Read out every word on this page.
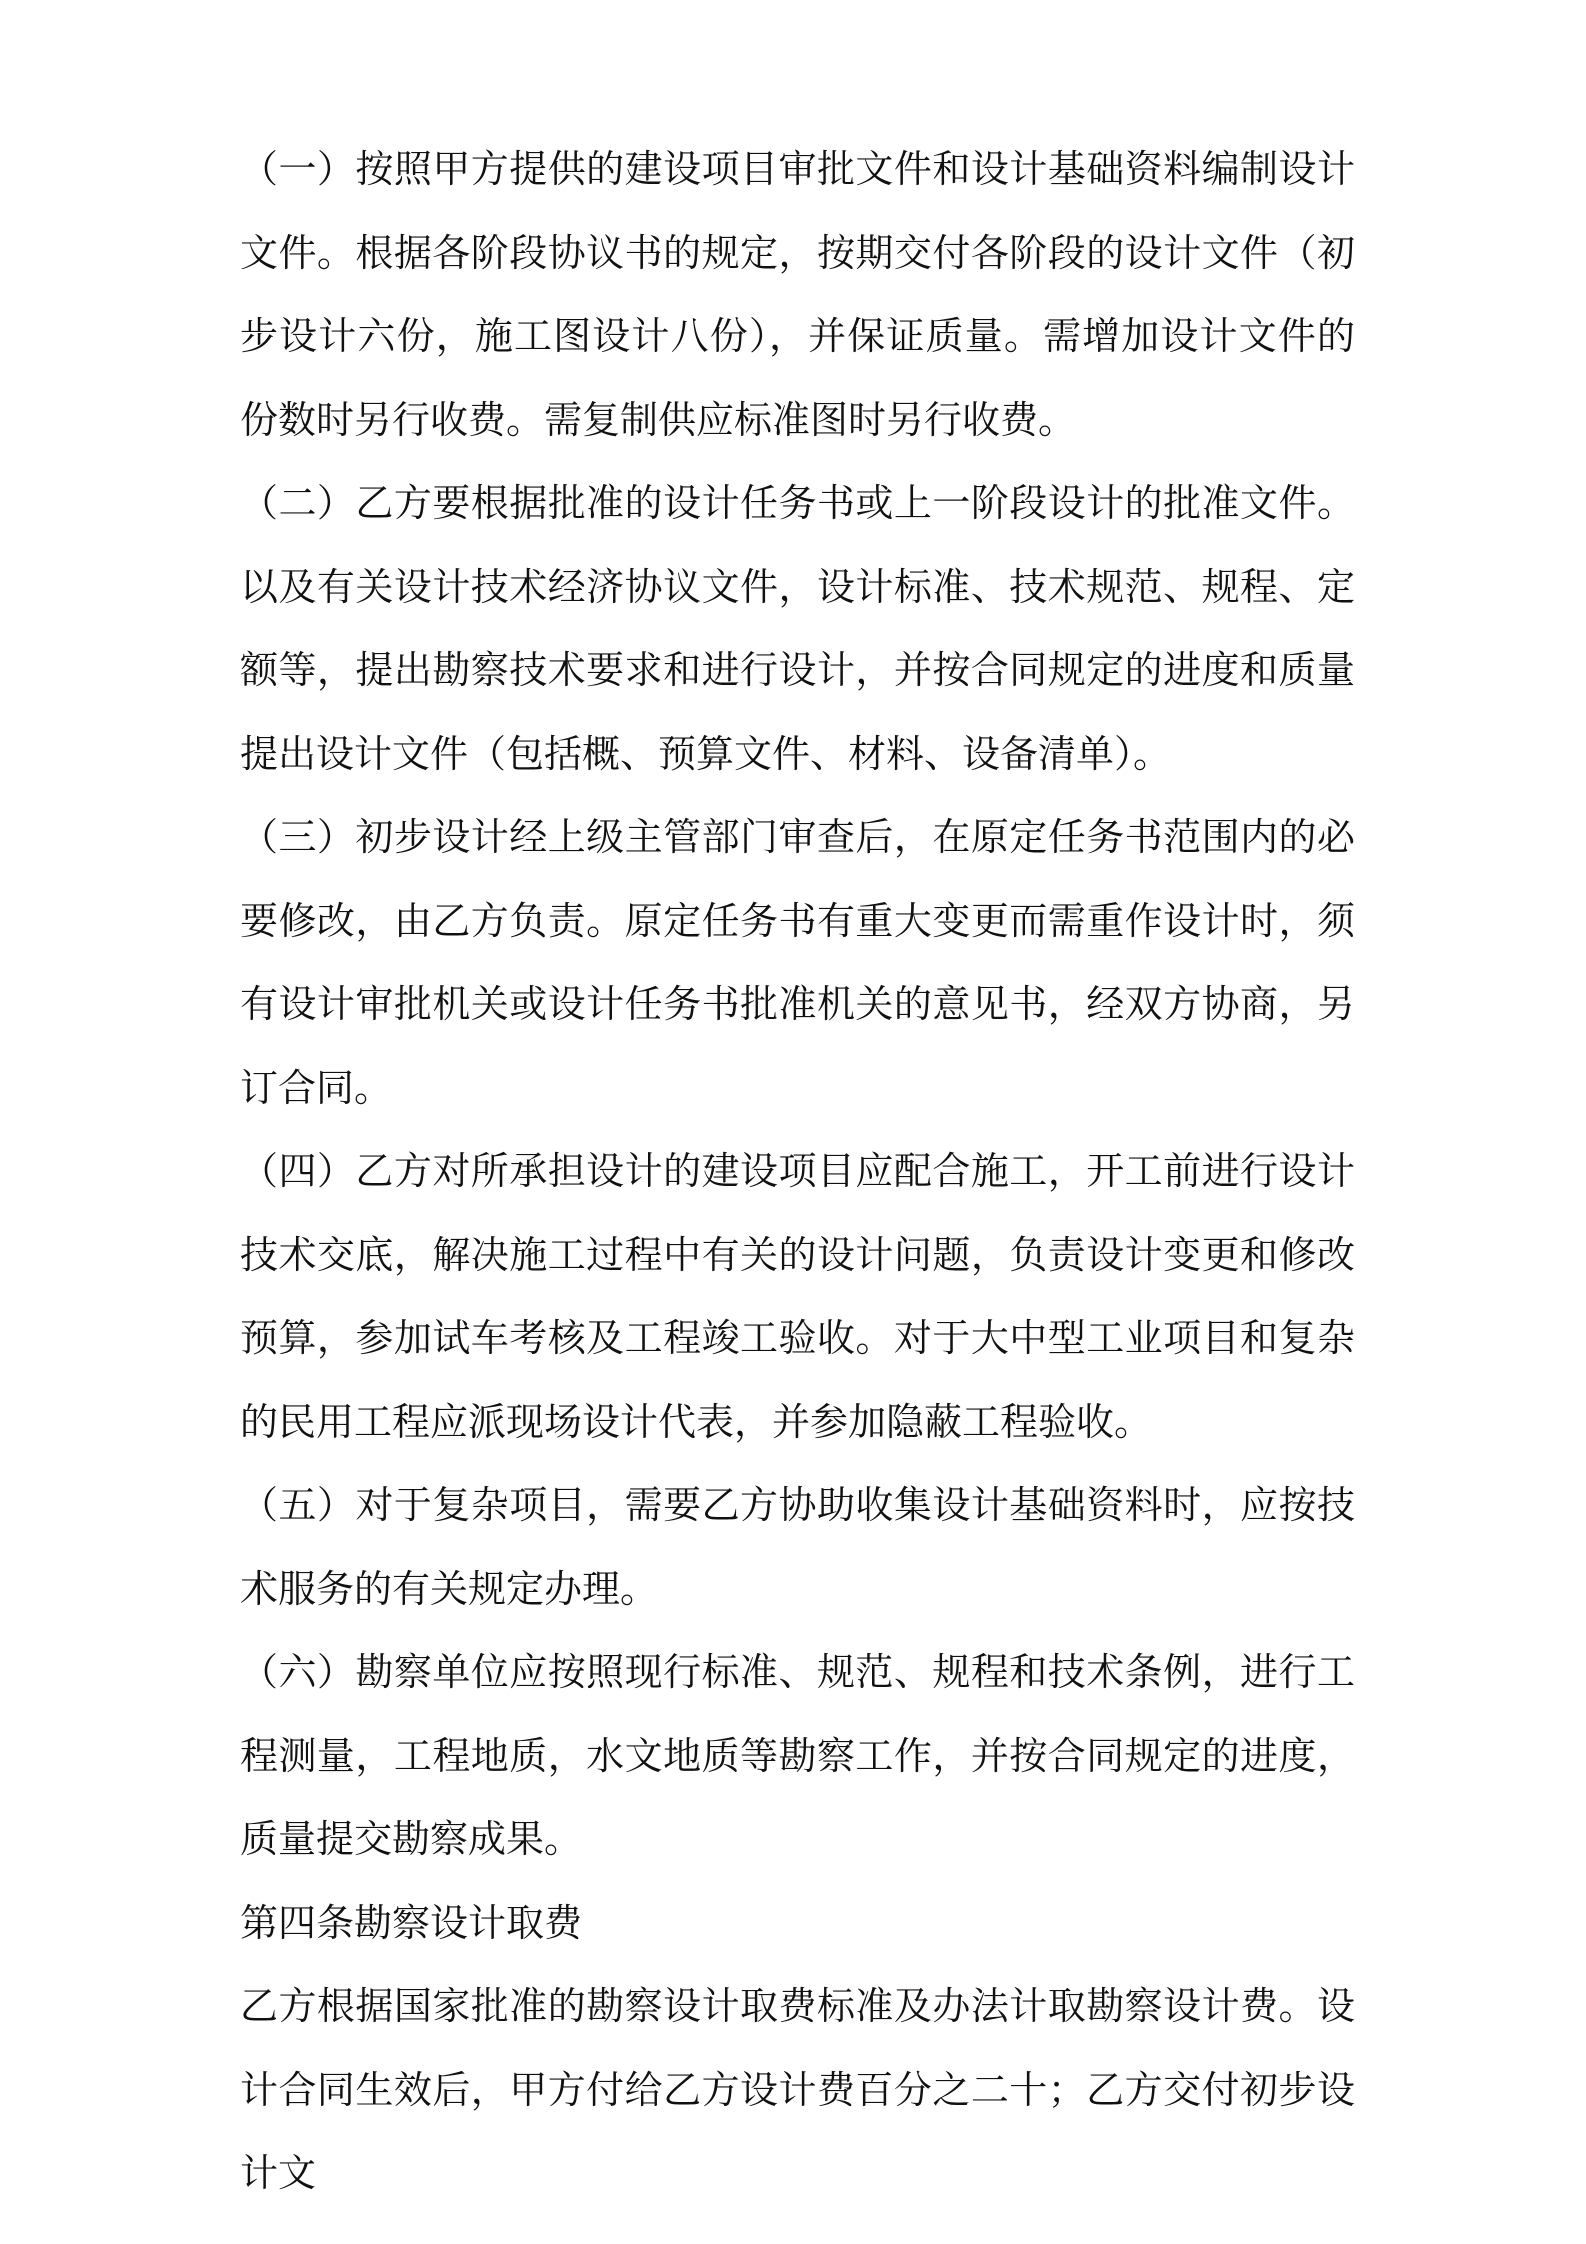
（一）按照甲方提供的建设项目审批文件和设计基础资料编制设计文件。根据各阶段协议书的规定，按期交付各阶段的设计文件（初步设计六份，施工图设计八份），并保证质量。需增加设计文件的份数时另行收费。需复制供应标准图时另行收费。

（二）乙方要根据批准的设计任务书或上一阶段设计的批准文件。以及有关设计技术经济协议文件，设计标准、技术规范、规程、定额等，提出勘察技术要求和进行设计，并按合同规定的进度和质量提出设计文件（包括概、预算文件、材料、设备清单）。

（三）初步设计经上级主管部门审查后，在原定任务书范围内的必要修改，由乙方负责。原定任务书有重大变更而需重作设计时，须有设计审批机关或设计任务书批准机关的意见书，经双方协商，另订合同。

（四）乙方对所承担设计的建设项目应配合施工，开工前进行设计技术交底，解决施工过程中有关的设计问题，负责设计变更和修改预算，参加试车考核及工程竣工验收。对于大中型工业项目和复杂的民用工程应派现场设计代表，并参加隐蔽工程验收。

（五）对于复杂项目，需要乙方协助收集设计基础资料时，应按技术服务的有关规定办理。

（六）勘察单位应按照现行标准、规范、规程和技术条例，进行工程测量，工程地质，水文地质等勘察工作，并按合同规定的进度，质量提交勘察成果。

第四条勘察设计取费

乙方根据国家批准的勘察设计取费标准及办法计取勘察设计费。设计合同生效后，甲方付给乙方设计费百分之二十；乙方交付初步设计文
